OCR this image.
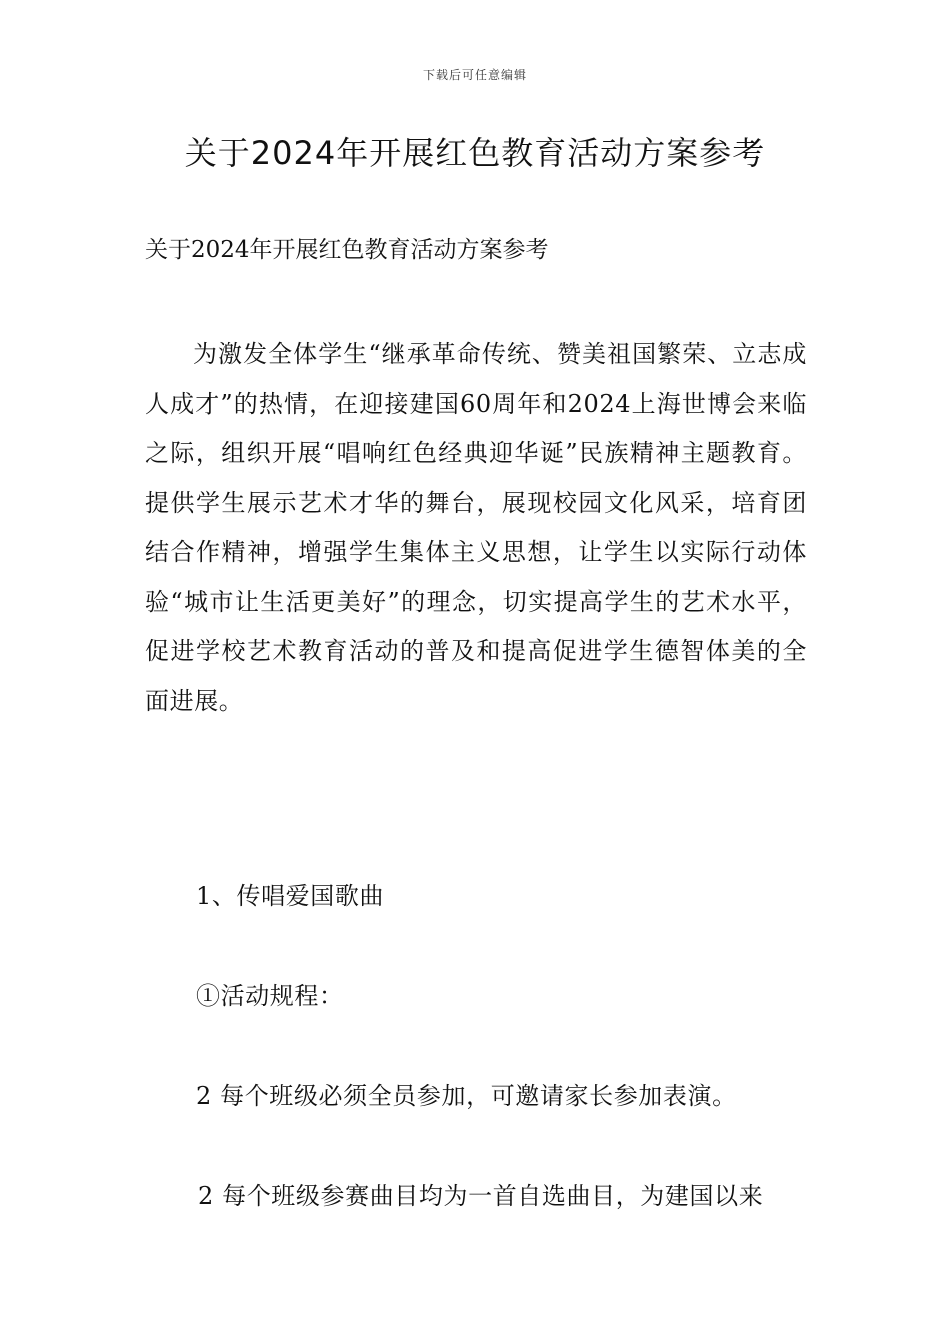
下载后可任意编辑
关于2024年开展红色教育活动方案参考
关于2024年开展红色教育活动方案参考

为激发全体学生“继承革命传统、赞美祖国繁荣、立志成人成才”的热情，在迎接建国60周年和2024上海世博会来临之际，组织开展“唱响红色经典迎华诞”民族精神主题教育。提供学生展示艺术才华的舞台，展现校园文化风采，培育团结合作精神，增强学生集体主义思想，让学生以实际行动体验“城市让生活更美好”的理念，切实提高学生的艺术水平，促进学校艺术教育活动的普及和提高促进学生德智体美的全面进展。

1、传唱爱国歌曲
①活动规程：
2 每个班级必须全员参加，可邀请家长参加表演。
2 每个班级参赛曲目均为一首自选曲目，为建国以来
